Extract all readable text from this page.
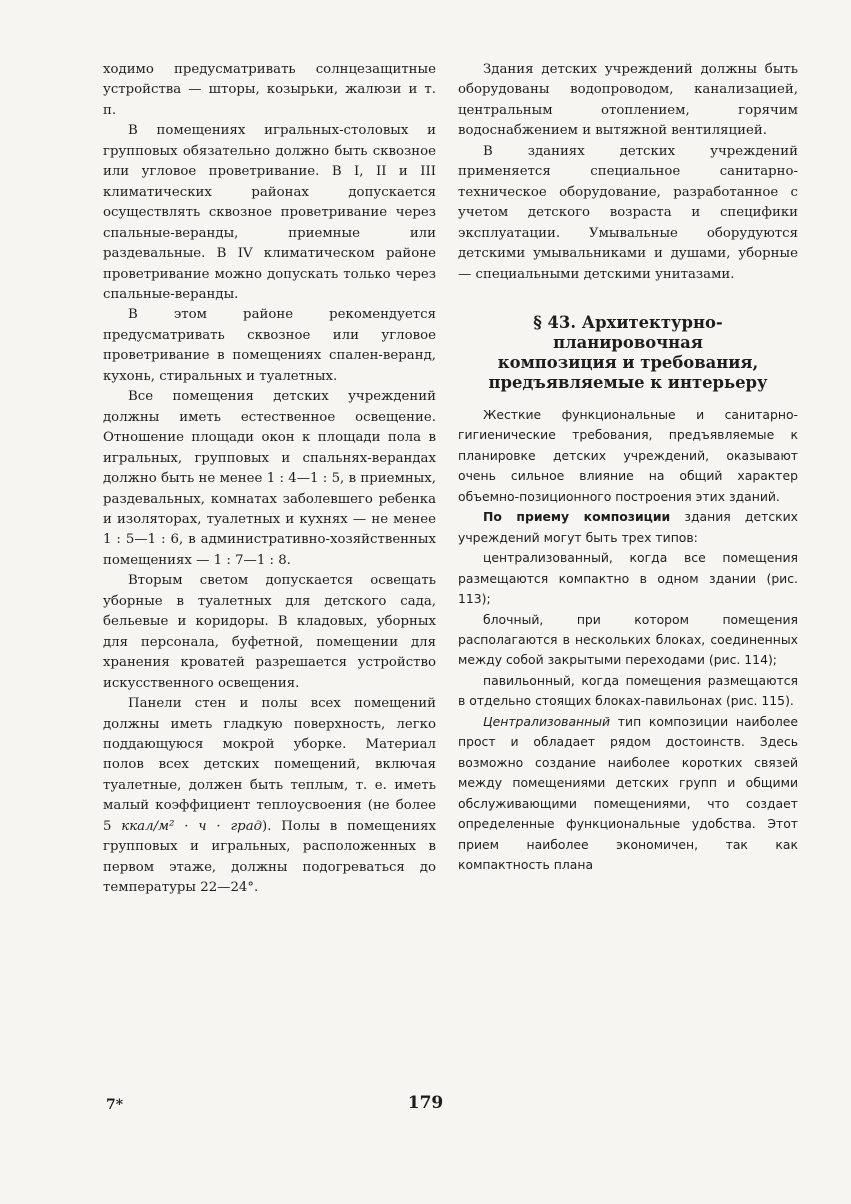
ходимо предусматривать солнцезащитные устройства — шторы, козырьки, жалюзи и т. п.

В помещениях игральных-столовых и групповых обязательно должно быть сквозное или угловое проветривание. В I, II и III климатических районах допускается осуществлять сквозное проветривание через спальные-веранды, приемные или раздевальные. В IV климатическом районе проветривание можно допускать только через спальные-веранды.

В этом районе рекомендуется предусматривать сквозное или угловое проветривание в помещениях спален-веранд, кухонь, стиральных и туалетных.

Все помещения детских учреждений должны иметь естественное освещение. Отношение площади окон к площади пола в игральных, групповых и спальнях-верандах должно быть не менее 1 : 4—1 : 5, в приемных, раздевальных, комнатах заболевшего ребенка и изоляторах, туалетных и кухнях — не менее 1 : 5—1 : 6, в административно-хозяйственных помещениях — 1 : 7—1 : 8.

Вторым светом допускается освещать уборные в туалетных для детского сада, бельевые и коридоры. В кладовых, уборных для персонала, буфетной, помещении для хранения кроватей разрешается устройство искусственного освещения.

Панели стен и полы всех помещений должны иметь гладкую поверхность, легко поддающуюся мокрой уборке. Материал полов всех детских помещений, включая туалетные, должен быть теплым, т. е. иметь малый коэффициент теплоусвоения (не более 5 ккал/м² · ч · град). Полы в помещениях групповых и игральных, расположенных в первом этаже, должны подогреваться до температуры 22—24°.

Здания детских учреждений должны быть оборудованы водопроводом, канализацией, центральным отоплением, горячим водоснабжением и вытяжной вентиляцией.

В зданиях детских учреждений применяется специальное санитарно-техническое оборудование, разработанное с учетом детского возраста и специфики эксплуатации. Умывальные оборудуются детскими умывальниками и душами, уборные — специальными детскими унитазами.

§ 43. Архитектурно-
планировочная
композиция и требования,
предъявляемые к интерьеру

Жесткие функциональные и санитарно-гигиенические требования, предъявляемые к планировке детских учреждений, оказывают очень сильное влияние на общий характер объемно-позиционного построения этих зданий.

По приему композиции здания детских учреждений могут быть трех типов:

централизованный, когда все помещения размещаются компактно в одном здании (рис. 113);

блочный, при котором помещения располагаются в нескольких блоках, соединенных между собой закрытыми переходами (рис. 114);

павильонный, когда помещения размещаются в отдельно стоящих блоках-павильонах (рис. 115).

Централизованный тип композиции наиболее прост и обладает рядом достоинств. Здесь возможно создание наиболее коротких связей между помещениями детских групп и общими обслуживающими помещениями, что создает определенные функциональные удобства. Этот прием наиболее экономичен, так как компактность плана

7*	179
